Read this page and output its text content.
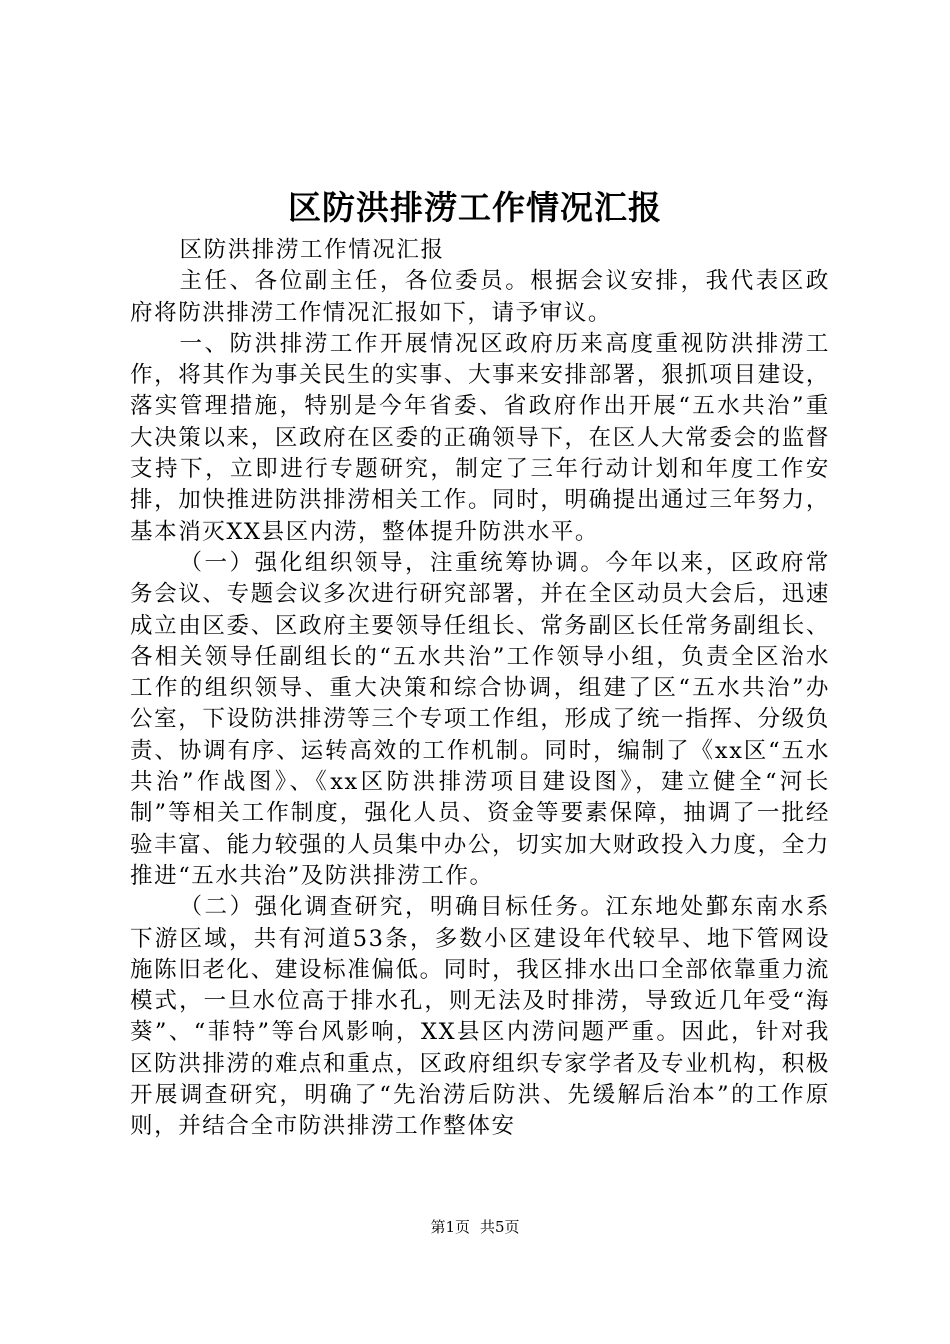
区防洪排涝工作情况汇报

区防洪排涝工作情况汇报

主任、各位副主任，各位委员。根据会议安排，我代表区政府将防洪排涝工作情况汇报如下，请予审议。

一、防洪排涝工作开展情况区政府历来高度重视防洪排涝工作，将其作为事关民生的实事、大事来安排部署，狠抓项目建设，落实管理措施，特别是今年省委、省政府作出开展“五水共治”重大决策以来，区政府在区委的正确领导下，在区人大常委会的监督支持下，立即进行专题研究，制定了三年行动计划和年度工作安排，加快推进防洪排涝相关工作。同时，明确提出通过三年努力，基本消灭XX县区内涝，整体提升防洪水平。

（一）强化组织领导，注重统筹协调。今年以来，区政府常务会议、专题会议多次进行研究部署，并在全区动员大会后，迅速成立由区委、区政府主要领导任组长、常务副区长任常务副组长、各相关领导任副组长的“五水共治”工作领导小组，负责全区治水工作的组织领导、重大决策和综合协调，组建了区“五水共治”办公室，下设防洪排涝等三个专项工作组，形成了统一指挥、分级负责、协调有序、运转高效的工作机制。同时，编制了《xx区“五水共治”作战图》、《xx区防洪排涝项目建设图》，建立健全“河长制”等相关工作制度，强化人员、资金等要素保障，抽调了一批经验丰富、能力较强的人员集中办公，切实加大财政投入力度，全力推进“五水共治”及防洪排涝工作。

（二）强化调查研究，明确目标任务。江东地处鄞东南水系下游区域，共有河道53条，多数小区建设年代较早、地下管网设施陈旧老化、建设标准偏低。同时，我区排水出口全部依靠重力流模式，一旦水位高于排水孔，则无法及时排涝，导致近几年受“海葵”、“菲特”等台风影响，XX县区内涝问题严重。因此，针对我区防洪排涝的难点和重点，区政府组织专家学者及专业机构，积极开展调查研究，明确了“先治涝后防洪、先缓解后治本”的工作原则，并结合全市防洪排涝工作整体安

第1页 共5页
